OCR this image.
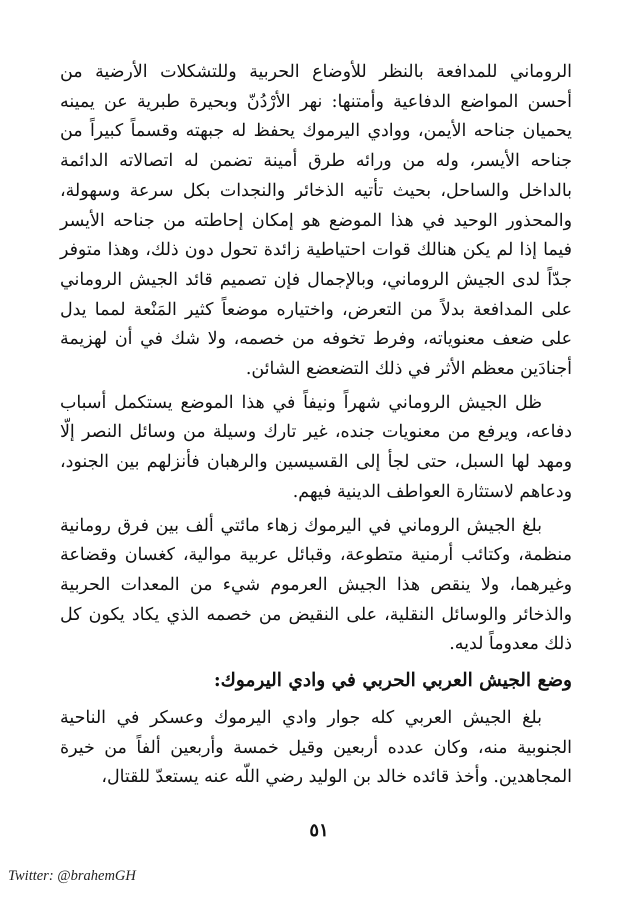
الروماني للمدافعة بالنظر للأوضاع الحربية وللتشكلات الأرضية من أحسن المواضع الدفاعية وأمتنها: نهر الأرْدُنّ وبحيرة طبرية عن يمينه يحميان جناحه الأيمن، ووادي اليرموك يحفظ له جبهته وقسماً كبيراً من جناحه الأيسر، وله من ورائه طرق أمينة تضمن له اتصالاته الدائمة بالداخل والساحل، بحيث تأتيه الذخائر والنجدات بكل سرعة وسهولة، والمحذور الوحيد في هذا الموضع هو إمكان إحاطته من جناحه الأيسر فيما إذا لم يكن هنالك قوات احتياطية زائدة تحول دون ذلك، وهذا متوفر جدّاً لدى الجيش الروماني، وبالإجمال فإن تصميم قائد الجيش الروماني على المدافعة بدلاً من التعرض، واختياره موضعاً كثير المَنْعة لمما يدل على ضعف معنوياته، وفرط تخوفه من خصمه، ولا شك في أن لهزيمة أجنادَين معظم الأثر في ذلك التضعضع الشائن.

ظل الجيش الروماني شهراً ونيفاً في هذا الموضع يستكمل أسباب دفاعه، ويرفع من معنويات جنده، غير تارك وسيلة من وسائل النصر إلّا ومهد لها السبل، حتى لجأ إلى القسيسين والرهبان فأنزلهم بين الجنود، ودعاهم لاستثارة العواطف الدينية فيهم.

بلغ الجيش الروماني في اليرموك زهاء مائتي ألف بين فرق رومانية منظمة، وكتائب أرمنية متطوعة، وقبائل عربية موالية، كغسان وقضاعة وغيرهما، ولا ينقص هذا الجيش العرموم شيء من المعدات الحربية والذخائر والوسائل النقلية، على النقيض من خصمه الذي يكاد يكون كل ذلك معدوماً لديه.

وضع الجيش العربي الحربي في وادي اليرموك:

بلغ الجيش العربي كله جوار وادي اليرموك وعسكر في الناحية الجنوبية منه، وكان عدده أربعين وقيل خمسة وأربعين ألفاً من خيرة المجاهدين. وأخذ قائده خالد بن الوليد رضي اللّه عنه يستعدّ للقتال،

٥١
Twitter: @brahemGH
